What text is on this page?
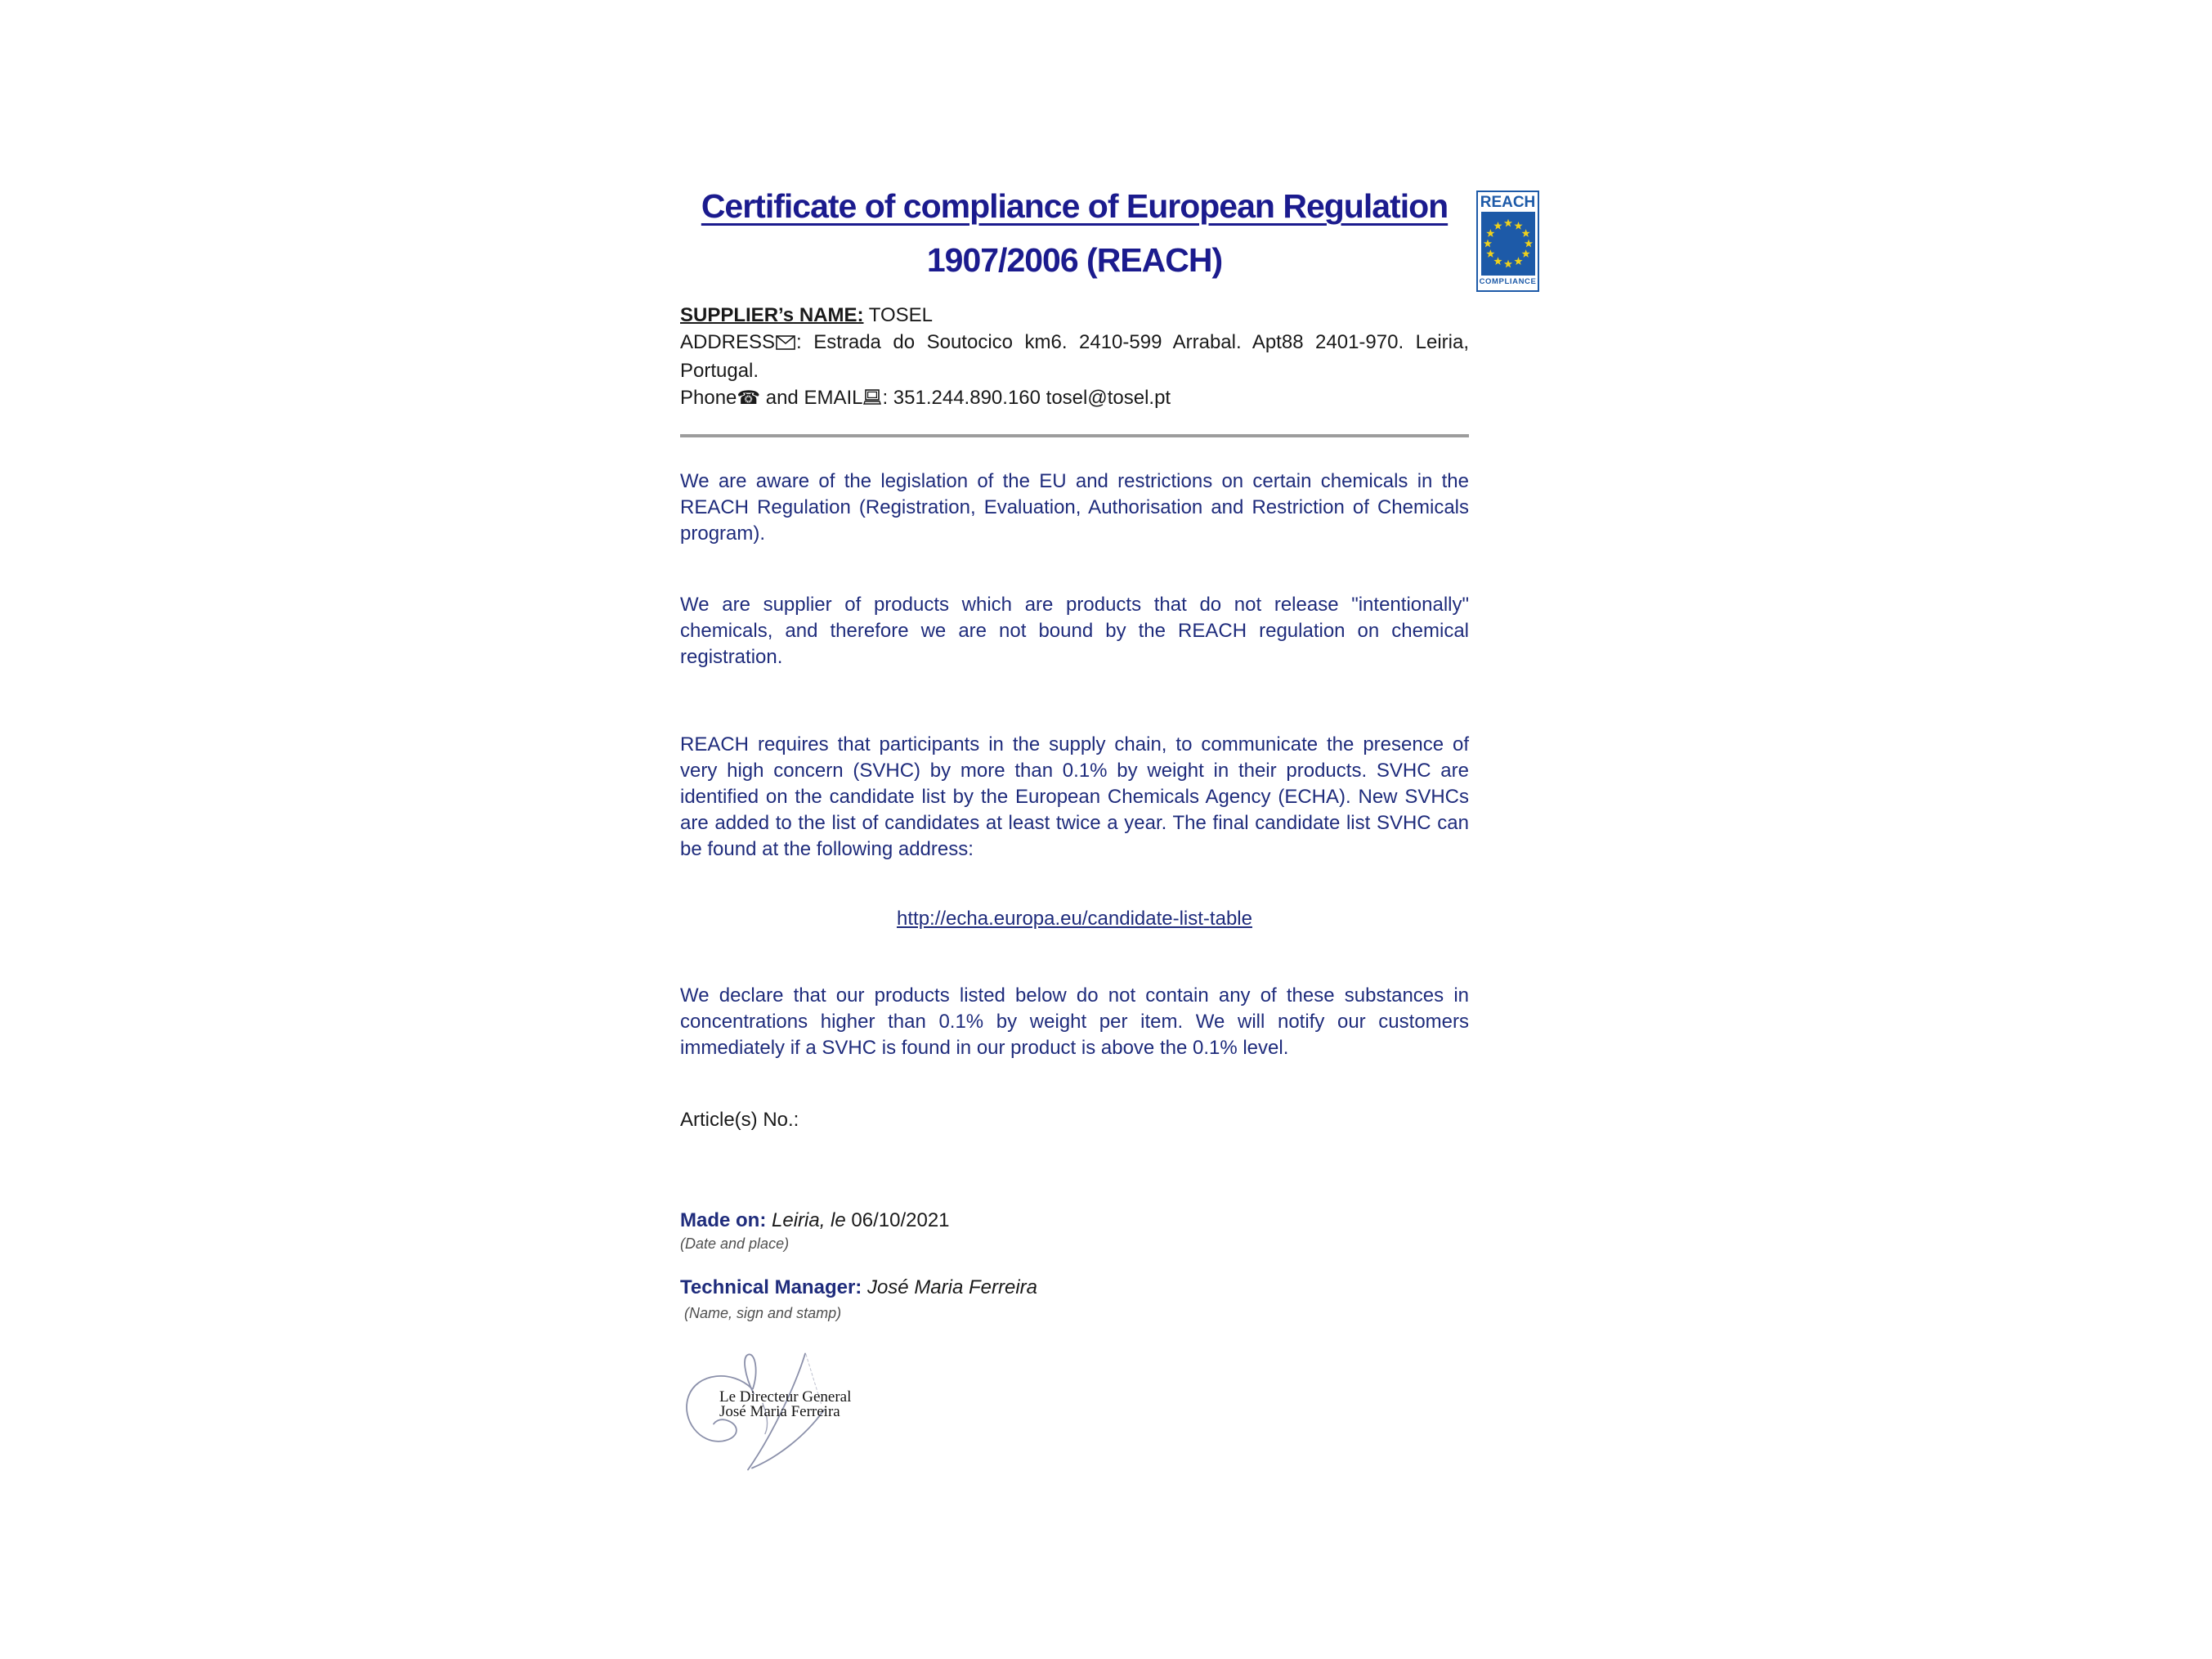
Certificate of compliance of European Regulation
1907/2006 (REACH)
REACH
COMPLIANCE

SUPPLIER’s NAME: TOSEL

ADDRESS : Estrada do Soutocico km6. 2410-599 Arrabal. Apt88 2401-970. Leiria, Portugal.

Phone☎ and EMAIL : 351.244.890.160 tosel@tosel.pt

We are aware of the legislation of the EU and restrictions on certain chemicals in the REACH Regulation (Registration, Evaluation, Authorisation and Restriction of Chemicals program).

We are supplier of products which are products that do not release "intentionally" chemicals, and therefore we are not bound by the REACH regulation on chemical registration.

REACH requires that participants in the supply chain, to communicate the presence of very high concern (SVHC) by more than 0.1% by weight in their products. SVHC are identified on the candidate list by the European Chemicals Agency (ECHA). New SVHCs are added to the list of candidates at least twice a year. The final candidate list SVHC can be found at the following address:

http://echa.europa.eu/candidate-list-table

We declare that our products listed below do not contain any of these substances in concentrations higher than 0.1% by weight per item. We will notify our customers immediately if a SVHC is found in our product is above the 0.1% level.

Article(s) No.:

Made on: Leiria, le 06/10/2021

(Date and place)

Technical Manager: José Maria Ferreira

(Name, sign and stamp)

Le Directeur General
José Maria Ferreira
